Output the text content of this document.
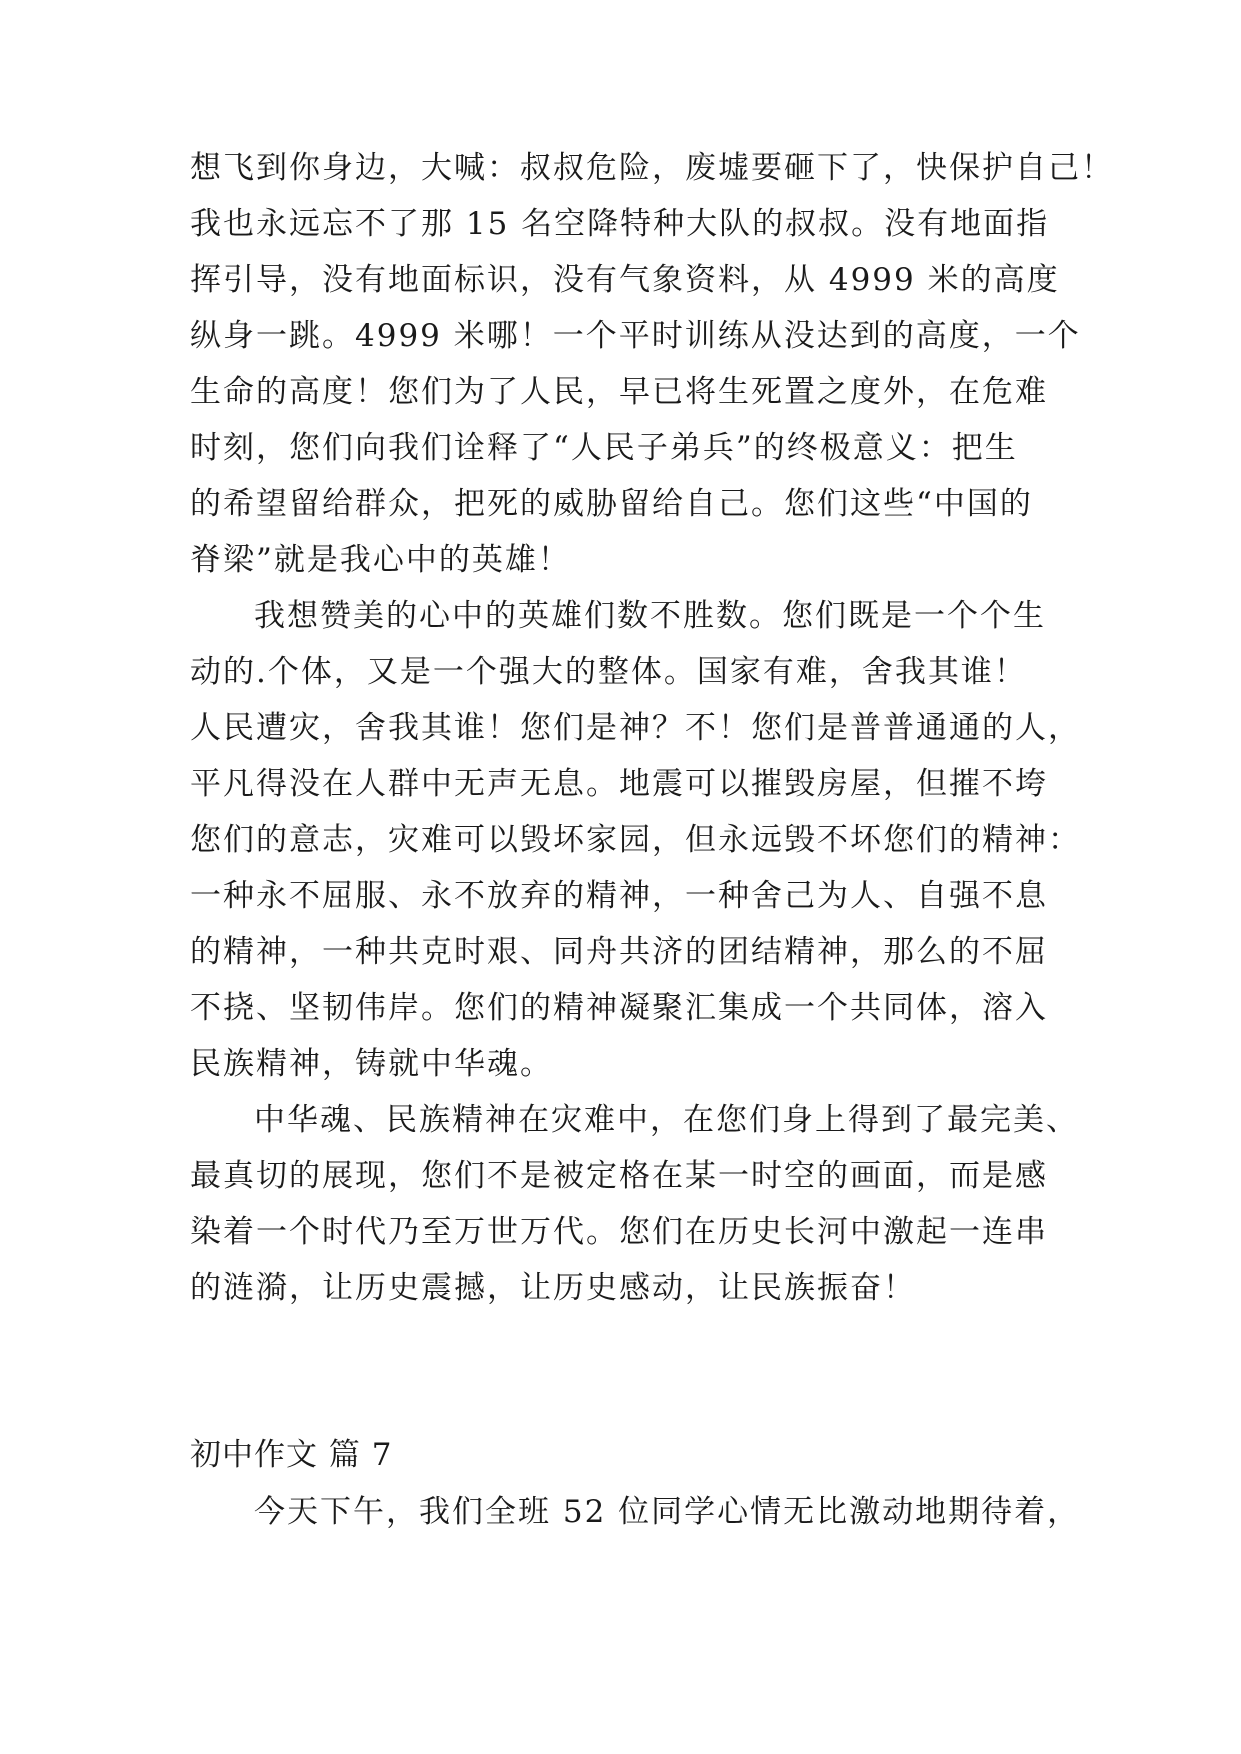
想飞到你身边，大喊：叔叔危险，废墟要砸下了，快保护自己！
我也永远忘不了那 15 名空降特种大队的叔叔。没有地面指
挥引导，没有地面标识，没有气象资料，从 4999 米的高度
纵身一跳。4999 米哪！一个平时训练从没达到的高度，一个
生命的高度！您们为了人民，早已将生死置之度外，在危难
时刻，您们向我们诠释了“人民子弟兵”的终极意义：把生
的希望留给群众，把死的威胁留给自己。您们这些“中国的
脊梁”就是我心中的英雄！
我想赞美的心中的英雄们数不胜数。您们既是一个个生
动的.个体，又是一个强大的整体。国家有难，舍我其谁！
人民遭灾，舍我其谁！您们是神？不！您们是普普通通的人，
平凡得没在人群中无声无息。地震可以摧毁房屋，但摧不垮
您们的意志，灾难可以毁坏家园，但永远毁不坏您们的精神：
一种永不屈服、永不放弃的精神，一种舍己为人、自强不息
的精神，一种共克时艰、同舟共济的团结精神，那么的不屈
不挠、坚韧伟岸。您们的精神凝聚汇集成一个共同体，溶入
民族精神，铸就中华魂。
中华魂、民族精神在灾难中，在您们身上得到了最完美、
最真切的展现，您们不是被定格在某一时空的画面，而是感
染着一个时代乃至万世万代。您们在历史长河中激起一连串
的涟漪，让历史震撼，让历史感动，让民族振奋！
初中作文 篇 7
今天下午，我们全班 52 位同学心情无比激动地期待着，
